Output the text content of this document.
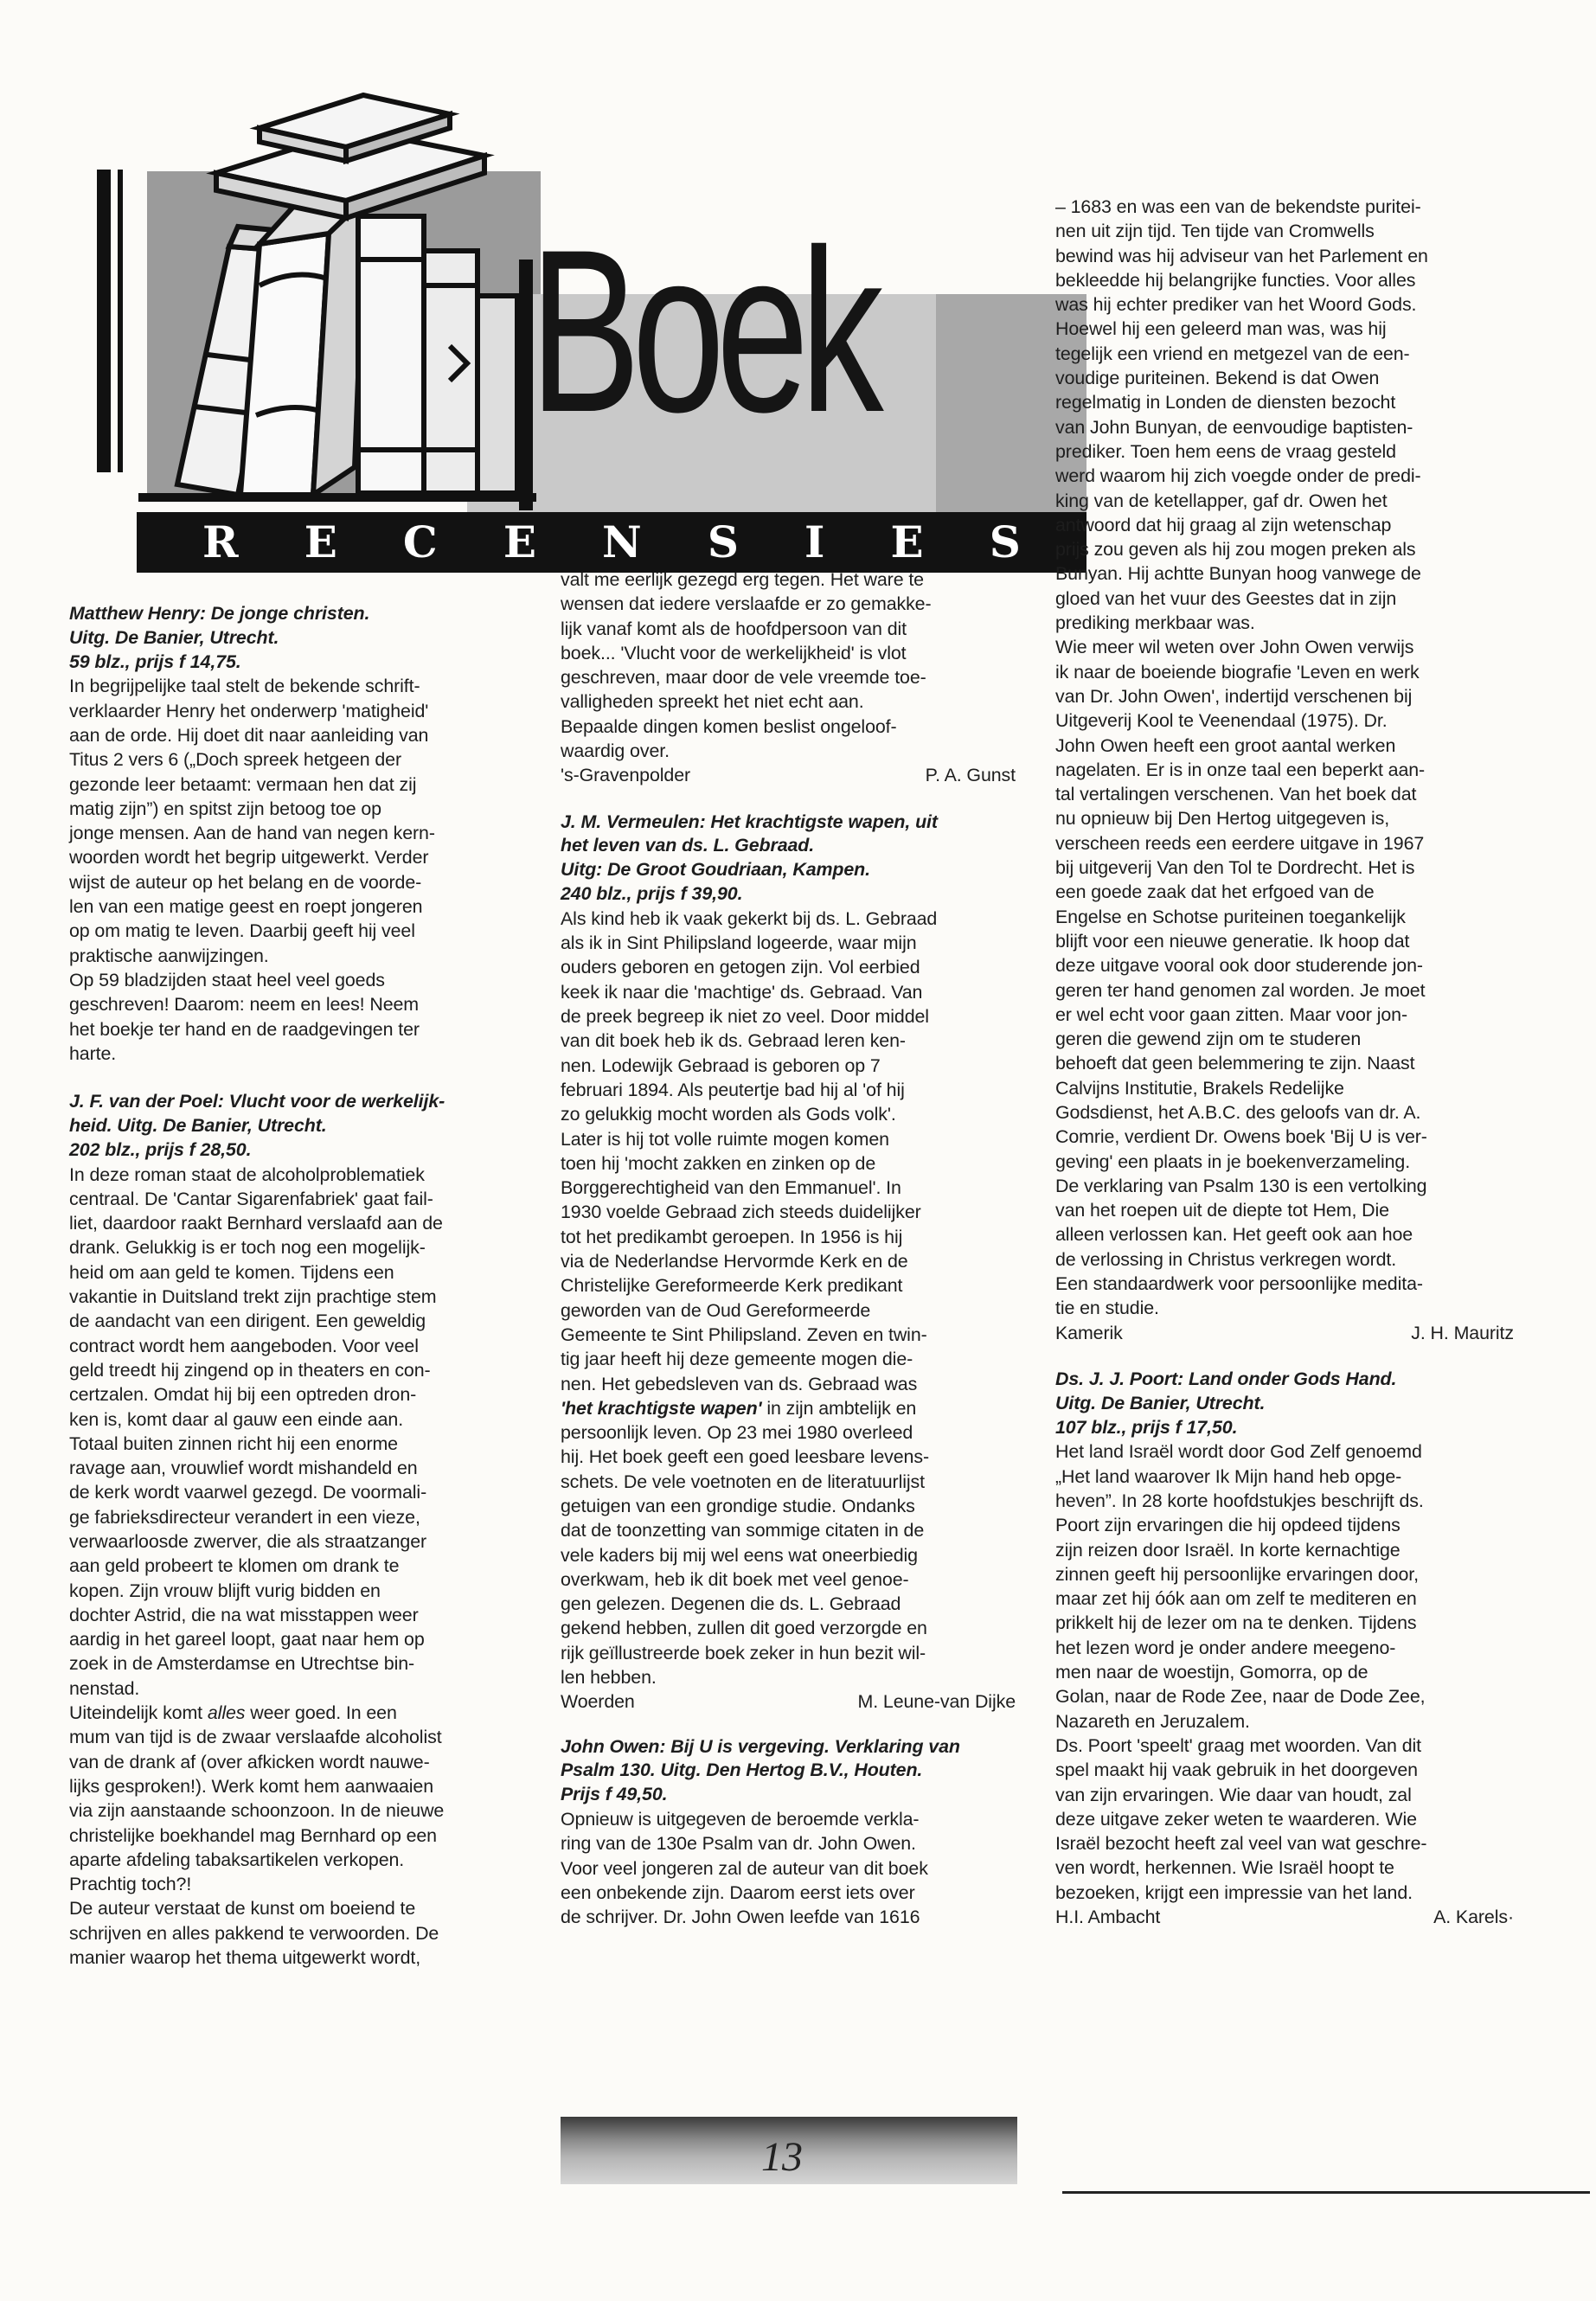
Boek
R E C E N S I E S
Matthew Henry: De jonge christen.
Uitg. De Banier, Utrecht.
59 blz., prijs f 14,75.
In begrijpelijke taal stelt de bekende schrift-
verklaarder Henry het onderwerp 'matigheid'
aan de orde. Hij doet dit naar aanleiding van
Titus 2 vers 6 („Doch spreek hetgeen der
gezonde leer betaamt: vermaan hen dat zij
matig zijn”) en spitst zijn betoog toe op
jonge mensen. Aan de hand van negen kern-
woorden wordt het begrip uitgewerkt. Verder
wijst de auteur op het belang en de voorde-
len van een matige geest en roept jongeren
op om matig te leven. Daarbij geeft hij veel
praktische aanwijzingen.
Op 59 bladzijden staat heel veel goeds
geschreven! Daarom: neem en lees! Neem
het boekje ter hand en de raadgevingen ter
harte.
J. F. van der Poel: Vlucht voor de werkelijk-
heid. Uitg. De Banier, Utrecht.
202 blz., prijs f 28,50.
In deze roman staat de alcoholproblematiek
centraal. De 'Cantar Sigarenfabriek' gaat fail-
liet, daardoor raakt Bernhard verslaafd aan de
drank. Gelukkig is er toch nog een mogelijk-
heid om aan geld te komen. Tijdens een
vakantie in Duitsland trekt zijn prachtige stem
de aandacht van een dirigent. Een geweldig
contract wordt hem aangeboden. Voor veel
geld treedt hij zingend op in theaters en con-
certzalen. Omdat hij bij een optreden dron-
ken is, komt daar al gauw een einde aan.
Totaal buiten zinnen richt hij een enorme
ravage aan, vrouwlief wordt mishandeld en
de kerk wordt vaarwel gezegd. De voormali-
ge fabrieksdirecteur verandert in een vieze,
verwaarloosde zwerver, die als straatzanger
aan geld probeert te klomen om drank te
kopen. Zijn vrouw blijft vurig bidden en
dochter Astrid, die na wat misstappen weer
aardig in het gareel loopt, gaat naar hem op
zoek in de Amsterdamse en Utrechtse bin-
nenstad.
Uiteindelijk komt alles weer goed. In een
mum van tijd is de zwaar verslaafde alcoholist
van de drank af (over afkicken wordt nauwe-
lijks gesproken!). Werk komt hem aanwaaien
via zijn aanstaande schoonzoon. In de nieuwe
christelijke boekhandel mag Bernhard op een
aparte afdeling tabaksartikelen verkopen.
Prachtig toch?!
De auteur verstaat de kunst om boeiend te
schrijven en alles pakkend te verwoorden. De
manier waarop het thema uitgewerkt wordt,
valt me eerlijk gezegd erg tegen. Het ware te
wensen dat iedere verslaafde er zo gemakke-
lijk vanaf komt als de hoofdpersoon van dit
boek... 'Vlucht voor de werkelijkheid' is vlot
geschreven, maar door de vele vreemde toe-
valligheden spreekt het niet echt aan.
Bepaalde dingen komen beslist ongeloof-
waardig over.
's-Gravenpolder	P. A. Gunst
J. M. Vermeulen: Het krachtigste wapen, uit
het leven van ds. L. Gebraad.
Uitg: De Groot Goudriaan, Kampen.
240 blz., prijs f 39,90.
Als kind heb ik vaak gekerkt bij ds. L. Gebraad
als ik in Sint Philipsland logeerde, waar mijn
ouders geboren en getogen zijn. Vol eerbied
keek ik naar die 'machtige' ds. Gebraad. Van
de preek begreep ik niet zo veel. Door middel
van dit boek heb ik ds. Gebraad leren ken-
nen. Lodewijk Gebraad is geboren op 7
februari 1894. Als peutertje bad hij al 'of hij
zo gelukkig mocht worden als Gods volk'.
Later is hij tot volle ruimte mogen komen
toen hij 'mocht zakken en zinken op de
Borggerechtigheid van den Emmanuel'. In
1930 voelde Gebraad zich steeds duidelijker
tot het predikambt geroepen. In 1956 is hij
via de Nederlandse Hervormde Kerk en de
Christelijke Gereformeerde Kerk predikant
geworden van de Oud Gereformeerde
Gemeente te Sint Philipsland. Zeven en twin-
tig jaar heeft hij deze gemeente mogen die-
nen. Het gebedsleven van ds. Gebraad was
'het krachtigste wapen' in zijn ambtelijk en
persoonlijk leven. Op 23 mei 1980 overleed
hij. Het boek geeft een goed leesbare levens-
schets. De vele voetnoten en de literatuurlijst
getuigen van een grondige studie. Ondanks
dat de toonzetting van sommige citaten in de
vele kaders bij mij wel eens wat oneerbiedig
overkwam, heb ik dit boek met veel genoe-
gen gelezen. Degenen die ds. L. Gebraad
gekend hebben, zullen dit goed verzorgde en
rijk geïllustreerde boek zeker in hun bezit wil-
len hebben.
Woerden	M. Leune-van Dijke
John Owen: Bij U is vergeving. Verklaring van
Psalm 130. Uitg. Den Hertog B.V., Houten.
Prijs f 49,50.
Opnieuw is uitgegeven de beroemde verkla-
ring van de 130e Psalm van dr. John Owen.
Voor veel jongeren zal de auteur van dit boek
een onbekende zijn. Daarom eerst iets over
de schrijver. Dr. John Owen leefde van 1616
– 1683 en was een van de bekendste puritei-
nen uit zijn tijd. Ten tijde van Cromwells
bewind was hij adviseur van het Parlement en
bekleedde hij belangrijke functies. Voor alles
was hij echter prediker van het Woord Gods.
Hoewel hij een geleerd man was, was hij
tegelijk een vriend en metgezel van de een-
voudige puriteinen. Bekend is dat Owen
regelmatig in Londen de diensten bezocht
van John Bunyan, de eenvoudige baptisten-
prediker. Toen hem eens de vraag gesteld
werd waarom hij zich voegde onder de predi-
king van de ketellapper, gaf dr. Owen het
antwoord dat hij graag al zijn wetenschap
prijs zou geven als hij zou mogen preken als
Bunyan. Hij achtte Bunyan hoog vanwege de
gloed van het vuur des Geestes dat in zijn
prediking merkbaar was.
Wie meer wil weten over John Owen verwijs
ik naar de boeiende biografie 'Leven en werk
van Dr. John Owen', indertijd verschenen bij
Uitgeverij Kool te Veenendaal (1975). Dr.
John Owen heeft een groot aantal werken
nagelaten. Er is in onze taal een beperkt aan-
tal vertalingen verschenen. Van het boek dat
nu opnieuw bij Den Hertog uitgegeven is,
verscheen reeds een eerdere uitgave in 1967
bij uitgeverij Van den Tol te Dordrecht. Het is
een goede zaak dat het erfgoed van de
Engelse en Schotse puriteinen toegankelijk
blijft voor een nieuwe generatie. Ik hoop dat
deze uitgave vooral ook door studerende jon-
geren ter hand genomen zal worden. Je moet
er wel echt voor gaan zitten. Maar voor jon-
geren die gewend zijn om te studeren
behoeft dat geen belemmering te zijn. Naast
Calvijns Institutie, Brakels Redelijke
Godsdienst, het A.B.C. des geloofs van dr. A.
Comrie, verdient Dr. Owens boek 'Bij U is ver-
geving' een plaats in je boekenverzameling.
De verklaring van Psalm 130 is een vertolking
van het roepen uit de diepte tot Hem, Die
alleen verlossen kan. Het geeft ook aan hoe
de verlossing in Christus verkregen wordt.
Een standaardwerk voor persoonlijke medita-
tie en studie.
Kamerik	J. H. Mauritz
Ds. J. J. Poort: Land onder Gods Hand.
Uitg. De Banier, Utrecht.
107 blz., prijs f 17,50.
Het land Israël wordt door God Zelf genoemd
„Het land waarover Ik Mijn hand heb opge-
heven”. In 28 korte hoofdstukjes beschrijft ds.
Poort zijn ervaringen die hij opdeed tijdens
zijn reizen door Israël. In korte kernachtige
zinnen geeft hij persoonlijke ervaringen door,
maar zet hij óók aan om zelf te mediteren en
prikkelt hij de lezer om na te denken. Tijdens
het lezen word je onder andere meegeno-
men naar de woestijn, Gomorra, op de
Golan, naar de Rode Zee, naar de Dode Zee,
Nazareth en Jeruzalem.
Ds. Poort 'speelt' graag met woorden. Van dit
spel maakt hij vaak gebruik in het doorgeven
van zijn ervaringen. Wie daar van houdt, zal
deze uitgave zeker weten te waarderen. Wie
Israël bezocht heeft zal veel van wat geschre-
ven wordt, herkennen. Wie Israël hoopt te
bezoeken, krijgt een impressie van het land.
H.I. Ambacht	A. Karels·
13
